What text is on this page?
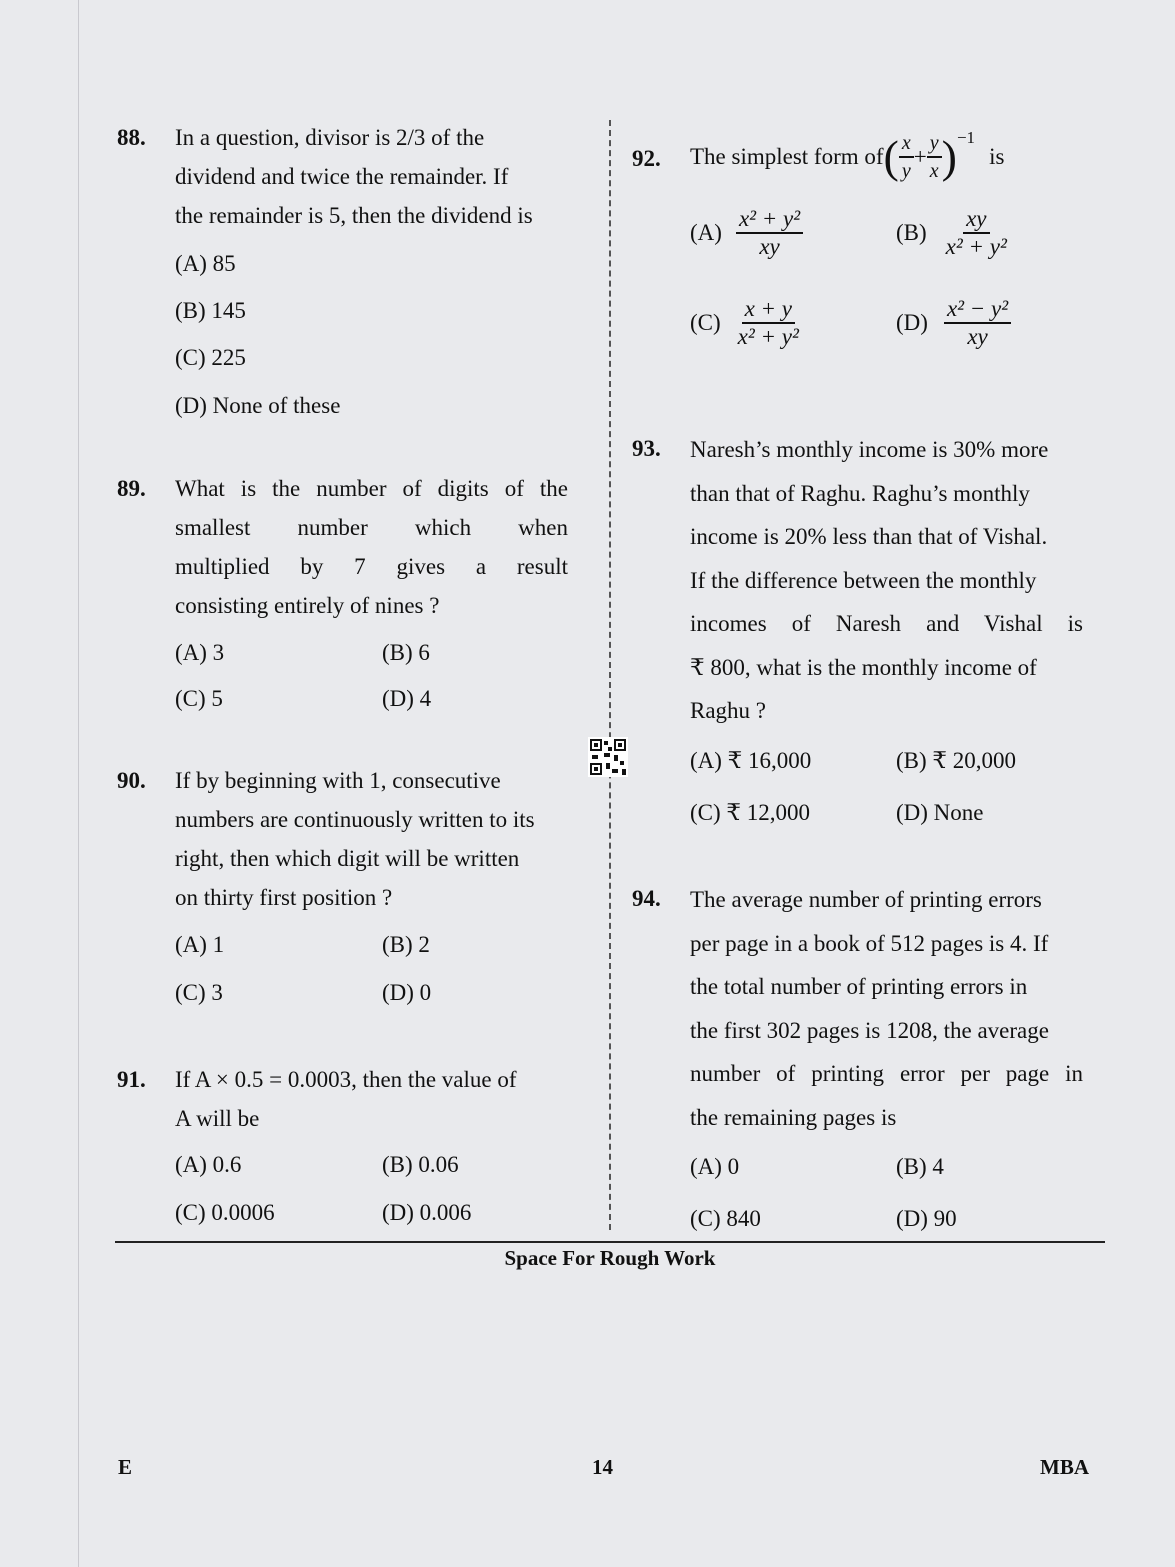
88. In a question, divisor is 2/3 of the
dividend and twice the remainder. If
the remainder is 5, then the dividend is
(A) 85
(B) 145
(C) 225
(D) None of these
89. What is the number of digits of the
smallest number which when
multiplied by 7 gives a result
consisting entirely of nines ?
(A) 3	(B) 6
(C) 5	(D) 4
90. If by beginning with 1, consecutive
numbers are continuously written to its
right, then which digit will be written
on thirty first position ?
(A) 1	(B) 2
(C) 3	(D) 0
91. If A × 0.5 = 0.0003, then the value of
A will be
(A) 0.6	(B) 0.06
(C) 0.0006	(D) 0.006
92. The simplest form of ( $\frac{x}{y} + \frac{y}{x} )^{-1}$
is
$(A) \frac{\text{x² + y²}}{xy}$	$(B) \frac{xy}{\text{x² + y²}}$
$(C) \frac{x + y}{\text{x² + y²}}$	$(D) \frac{\text{x² − y²}}{xy}$
93. Naresh’s monthly income is 30% more
than that of Raghu. Raghu’s monthly
income is 20% less than that of Vishal.
If the difference between the monthly
incomes of Naresh and Vishal is
₹ 800, what is the monthly income of
Raghu ?
(A) ₹ 16,000	(B) ₹ 20,000
(C) ₹ 12,000	(D) None
94. The average number of printing errors
per page in a book of 512 pages is 4. If
the total number of printing errors in
the first 302 pages is 1208, the average
number of printing error per page in
the remaining pages is
(A) 0	(B) 4
(C) 840	(D) 90
Space For Rough Work
E	14	MBA
